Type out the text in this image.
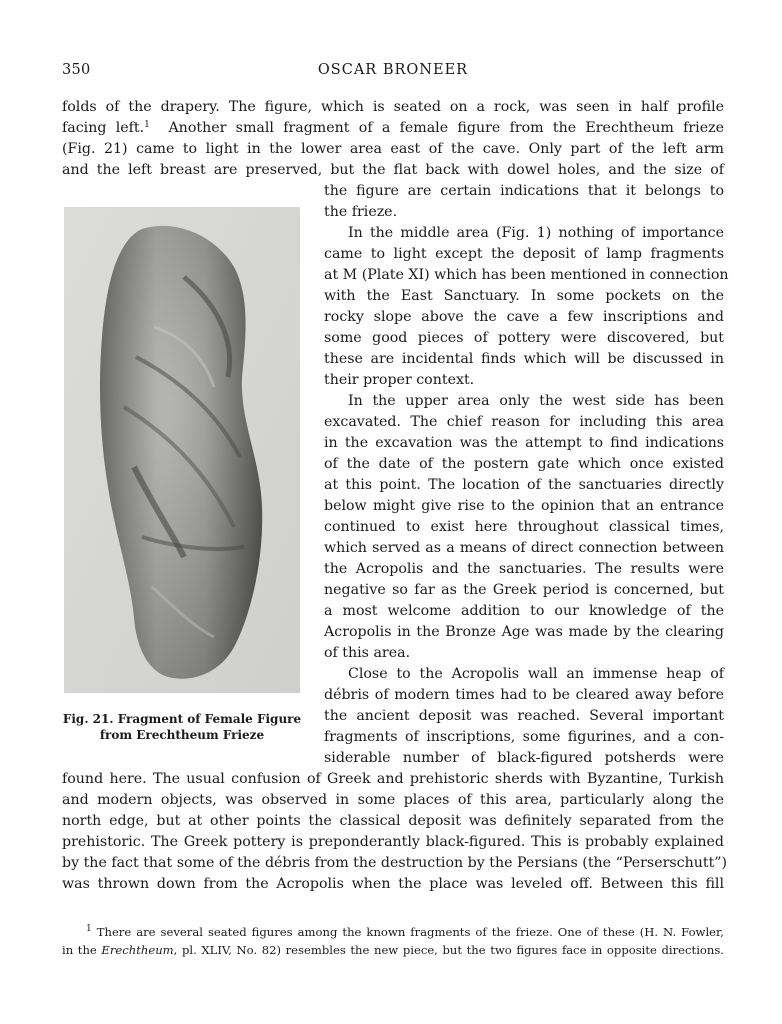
350	OSCAR BRONEER
folds of the drapery. The figure, which is seated on a rock, was seen in half profile
facing left.$^1$ Another small fragment of a female figure from the Erechtheum frieze
(Fig. 21) came to light in the lower area east of the cave. Only part of the left arm
and the left breast are preserved, but the flat back with dowel holes, and the size of
the figure are certain indications that it belongs to
the frieze.
In the middle area (Fig. 1) nothing of importance
came to light except the deposit of lamp fragments
at M (Plate XI) which has been mentioned in connection
with the East Sanctuary. In some pockets on the
rocky slope above the cave a few inscriptions and
some good pieces of pottery were discovered, but
these are incidental finds which will be discussed in
their proper context.
In the upper area only the west side has been
excavated. The chief reason for including this area
in the excavation was the attempt to find indications
of the date of the postern gate which once existed
at this point. The location of the sanctuaries directly
below might give rise to the opinion that an entrance
continued to exist here throughout classical times,
which served as a means of direct connection between
the Acropolis and the sanctuaries. The results were
negative so far as the Greek period is concerned, but
a most welcome addition to our knowledge of the
Acropolis in the Bronze Age was made by the clearing
of this area.
Close to the Acropolis wall an immense heap of
débris of modern times had to be cleared away before
the ancient deposit was reached. Several important
fragments of inscriptions, some figurines, and a con-
siderable number of black-figured potsherds were
found here. The usual confusion of Greek and prehistoric sherds with Byzantine, Turkish
and modern objects, was observed in some places of this area, particularly along the
north edge, but at other points the classical deposit was definitely separated from the
prehistoric. The Greek pottery is preponderantly black-figured. This is probably explained
by the fact that some of the débris from the destruction by the Persians (the “Perserschutt”)
was thrown down from the Acropolis when the place was leveled off. Between this fill
Fig. 21. Fragment of Female Figure
from Erechtheum Frieze
$^1$ There are several seated figures among the known fragments of the frieze. One of these (H. N. Fowler,
in the Erechtheum, pl. XLIV, No. 82) resembles the new piece, but the two figures face in opposite directions.
